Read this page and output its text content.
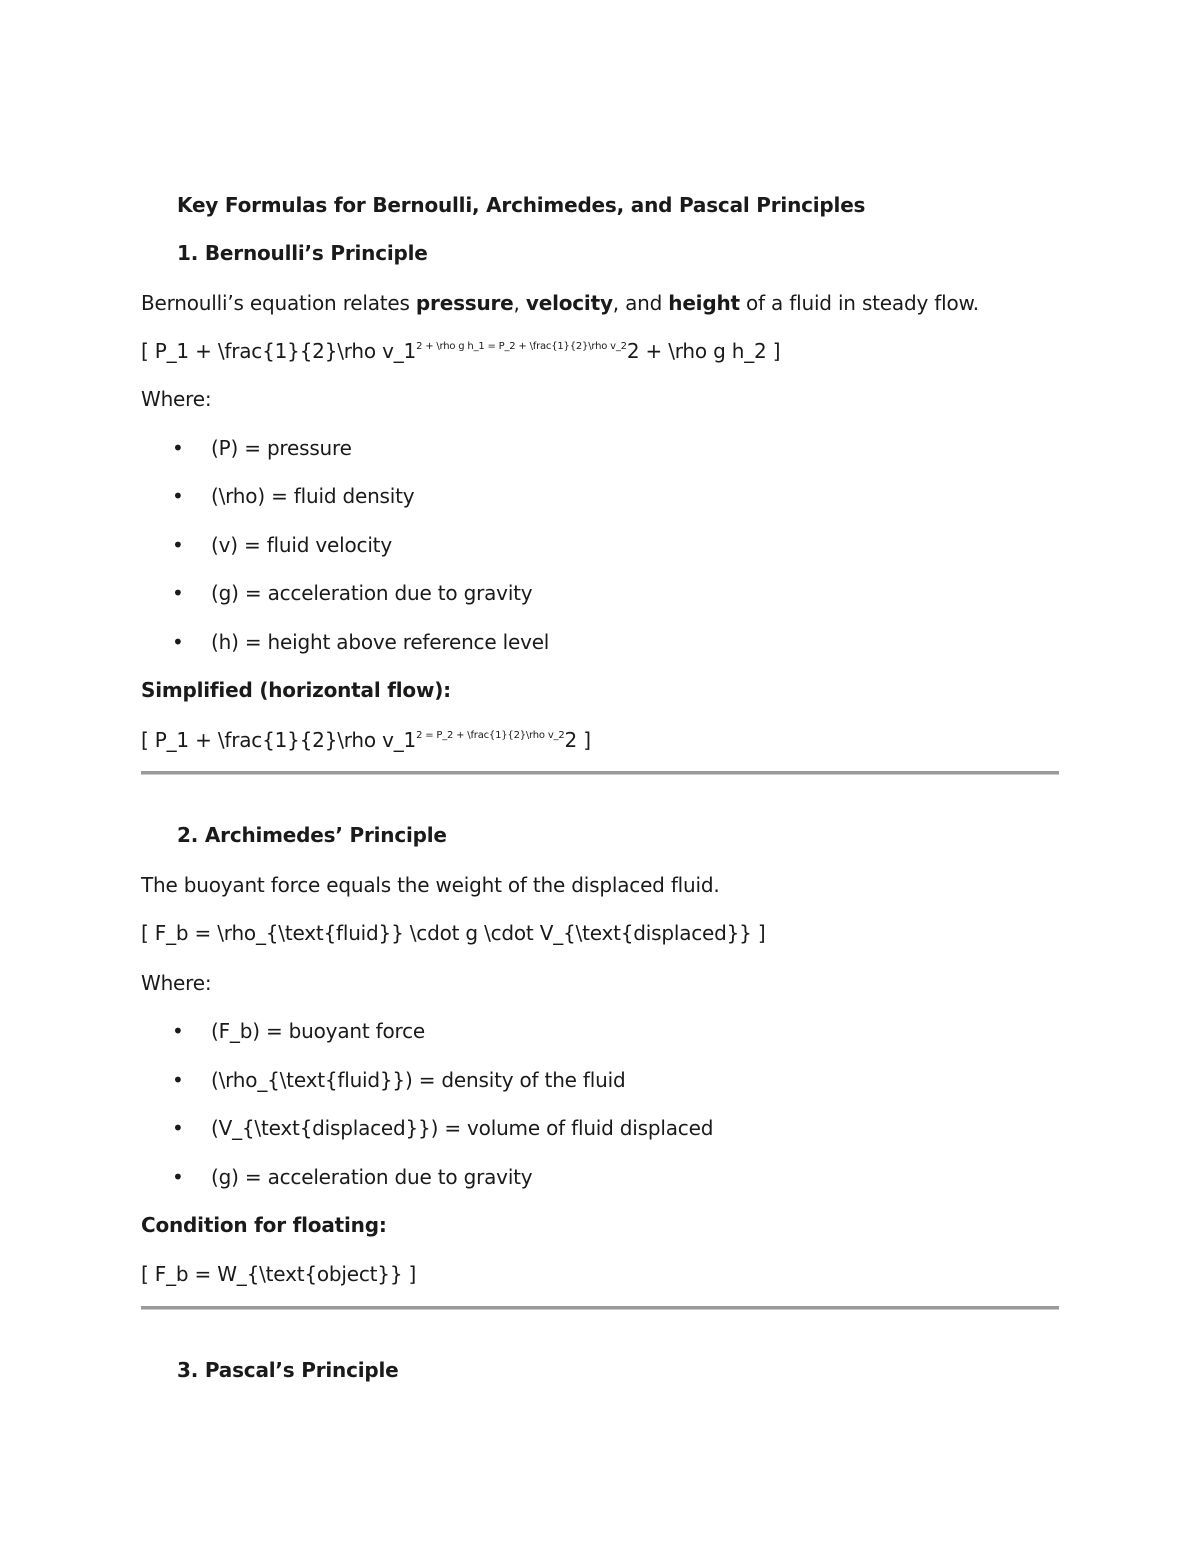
Key Formulas for Bernoulli, Archimedes, and Pascal Principles
1. Bernoulli’s Principle
Bernoulli’s equation relates pressure, velocity, and height of a fluid in steady flow.
[ P_1 + \frac{1}{2}\rho $v\_1^{2 + \backslash rho g h\_1 = P\_2 + \backslash frac\{1\}\{2\}\backslash rho v\_2}2$ + \rho g h_2 ]
Where:
• (P) = pressure
• (\rho) = fluid density
• (v) = fluid velocity
• (g) = acceleration due to gravity
• (h) = height above reference level
Simplified (horizontal flow):
[ P_1 + \frac{1}{2}\rho $v\_1^{2 = P\_2 + \backslash frac\{1\}\{2\}\backslash rho v\_2}2$ ]
2. Archimedes’ Principle
The buoyant force equals the weight of the displaced fluid.
[ F_b = \rho_{\text{fluid}} \cdot g \cdot V_{\text{displaced}} ]
Where:
• (F_b) = buoyant force
• (\rho_{\text{fluid}}) = density of the fluid
• (V_{\text{displaced}}) = volume of fluid displaced
• (g) = acceleration due to gravity
Condition for floating:
[ F_b = W_{\text{object}} ]
3. Pascal’s Principle
